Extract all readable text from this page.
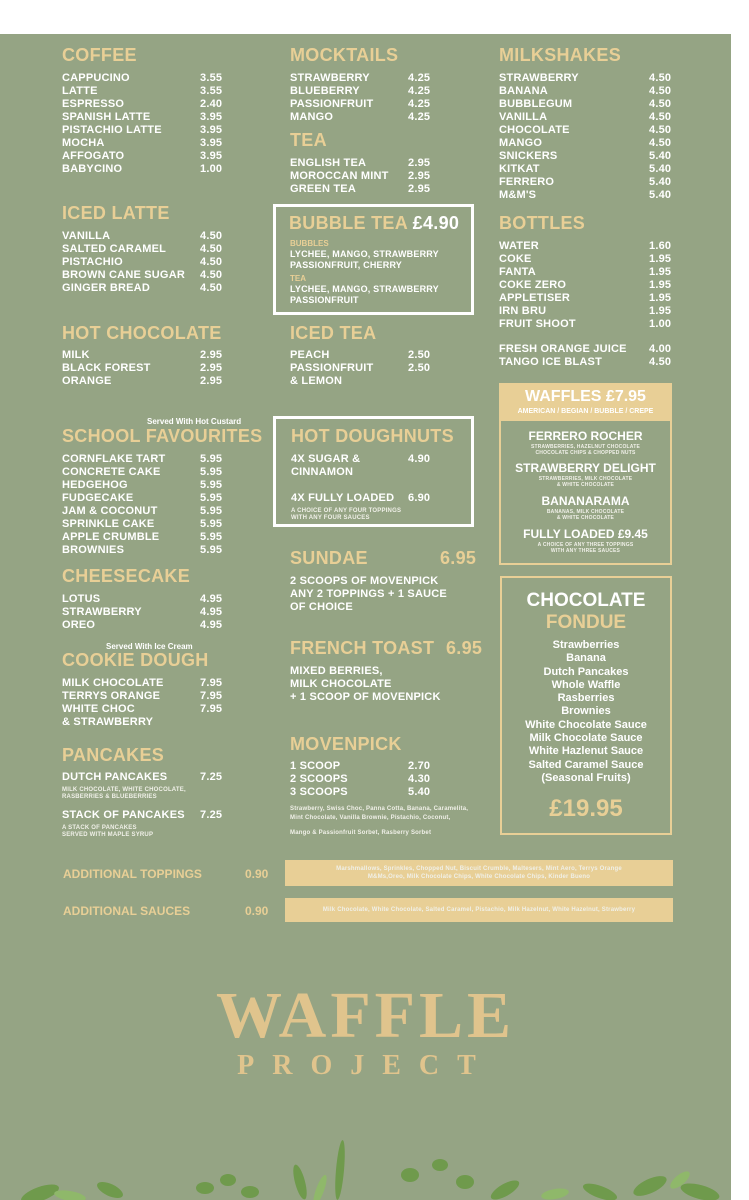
COFFEE
CAPPUCINO	3.55
LATTE	3.55
ESPRESSO	2.40
SPANISH LATTE	3.95
PISTACHIO LATTE	3.95
MOCHA	3.95
AFFOGATO	3.95
BABYCINO	1.00
ICED LATTE
VANILLA	4.50
SALTED CARAMEL	4.50
PISTACHIO	4.50
BROWN CANE SUGAR 4.50
GINGER BREAD	4.50
HOT CHOCOLATE
MILK	2.95
BLACK FOREST	2.95
ORANGE	2.95
Served With Hot Custard
SCHOOL FAVOURITES
CORNFLAKE TART	5.95
CONCRETE CAKE	5.95
HEDGEHOG	5.95
FUDGECAKE	5.95
JAM & COCONUT	5.95
SPRINKLE CAKE	5.95
APPLE CRUMBLE	5.95
BROWNIES	5.95
CHEESECAKE
LOTUS	4.95
STRAWBERRY	4.95
OREO	4.95
Served With Ice Cream
COOKIE DOUGH
MILK CHOCOLATE	7.95
TERRYS ORANGE	7.95
WHITE CHOC	7.95
& STRAWBERRY
PANCAKES
DUTCH PANCAKES	7.25
MILK CHOCOLATE, WHITE CHOCOLATE,
RASBERRIES & BLUEBERRIES
STACK OF PANCAKES 7.25
A STACK OF PANCAKES
SERVED WITH MAPLE SYRUP
MOCKTAILS
STRAWBERRY	4.25
BLUEBERRY	4.25
PASSIONFRUIT	4.25
MANGO	4.25
TEA
ENGLISH TEA	2.95
MOROCCAN MINT 2.95
GREEN TEA	2.95
BUBBLE TEA £4.90
BUBBLES
LYCHEE, MANGO, STRAWBERRY
PASSIONFRUIT, CHERRY
TEA
LYCHEE, MANGO, STRAWBERRY
PASSIONFRUIT
ICED TEA
PEACH	2.50
PASSIONFRUIT	2.50
& LEMON
HOT DOUGHNUTS
4X SUGAR &	4.90
CINNAMON
4X FULLY LOADED 6.90
A CHOICE OF ANY FOUR TOPPINGS
WITH ANY FOUR SAUCES
SUNDAE	6.95
2 SCOOPS OF MOVENPICK
ANY 2 TOPPINGS + 1 SAUCE
OF CHOICE
FRENCH TOAST 6.95
MIXED BERRIES,
MILK CHOCOLATE
+ 1 SCOOP OF MOVENPICK
MOVENPICK
1 SCOOP	2.70
2 SCOOPS	4.30
3 SCOOPS	5.40
Strawberry, Swiss Choc, Panna Cotta, Banana, Caramelita,
Mint Chocolate, Vanilla Brownie, Pistachio, Coconut,
Mango & Passionfruit Sorbet, Rasberry Sorbet
MILKSHAKES
STRAWBERRY	4.50
BANANA	4.50
BUBBLEGUM	4.50
VANILLA	4.50
CHOCOLATE	4.50
MANGO	4.50
SNICKERS	5.40
KITKAT	5.40
FERRERO	5.40
M&M'S	5.40
BOTTLES
WATER	1.60
COKE	1.95
FANTA	1.95
COKE ZERO	1.95
APPLETISER	1.95
IRN BRU	1.95
FRUIT SHOOT	1.00
FRESH ORANGE JUICE 4.00
TANGO ICE BLAST	4.50
WAFFLES £7.95
AMERICAN / BEGIAN / BUBBLE / CREPE
FERRERO ROCHER
STRAWBERRIES, HAZELNUT CHOCOLATE
CHOCOLATE CHIPS & CHOPPED NUTS
STRAWBERRY DELIGHT
STRAWBERRIES, MILK CHOCOLATE
& WHITE CHOCOLATE
BANANARAMA
BANANAS, MILK CHOCOLATE
& WHITE CHOCOLATE
FULLY LOADED £9.45
A CHOICE OF ANY THREE TOPPINGS
WITH ANY THREE SAUCES
CHOCOLATE
FONDUE
Strawberries
Banana
Dutch Pancakes
Whole Waffle
Rasberries
Brownies
White Chocolate Sauce
Milk Chocolate Sauce
White Hazlenut Sauce
Salted Caramel Sauce
(Seasonal Fruits)
£19.95
ADDITIONAL TOPPINGS	0.90	Marshmallows, Sprinkles, Chopped Nut, Biscuit Crumble, Maltesers, Mint Aero, Terrys Orange
M&Ms,Oreo, Milk Chocolate Chips, White Chocolate Chips, Kinder Bueno
ADDITIONAL SAUCES	0.90	Milk Chocolate, White Chocolate, Salted Caramel, Pistachio, Milk Hazelnut, White Hazelnut, Strawberry
WAFFLE
PROJECT
